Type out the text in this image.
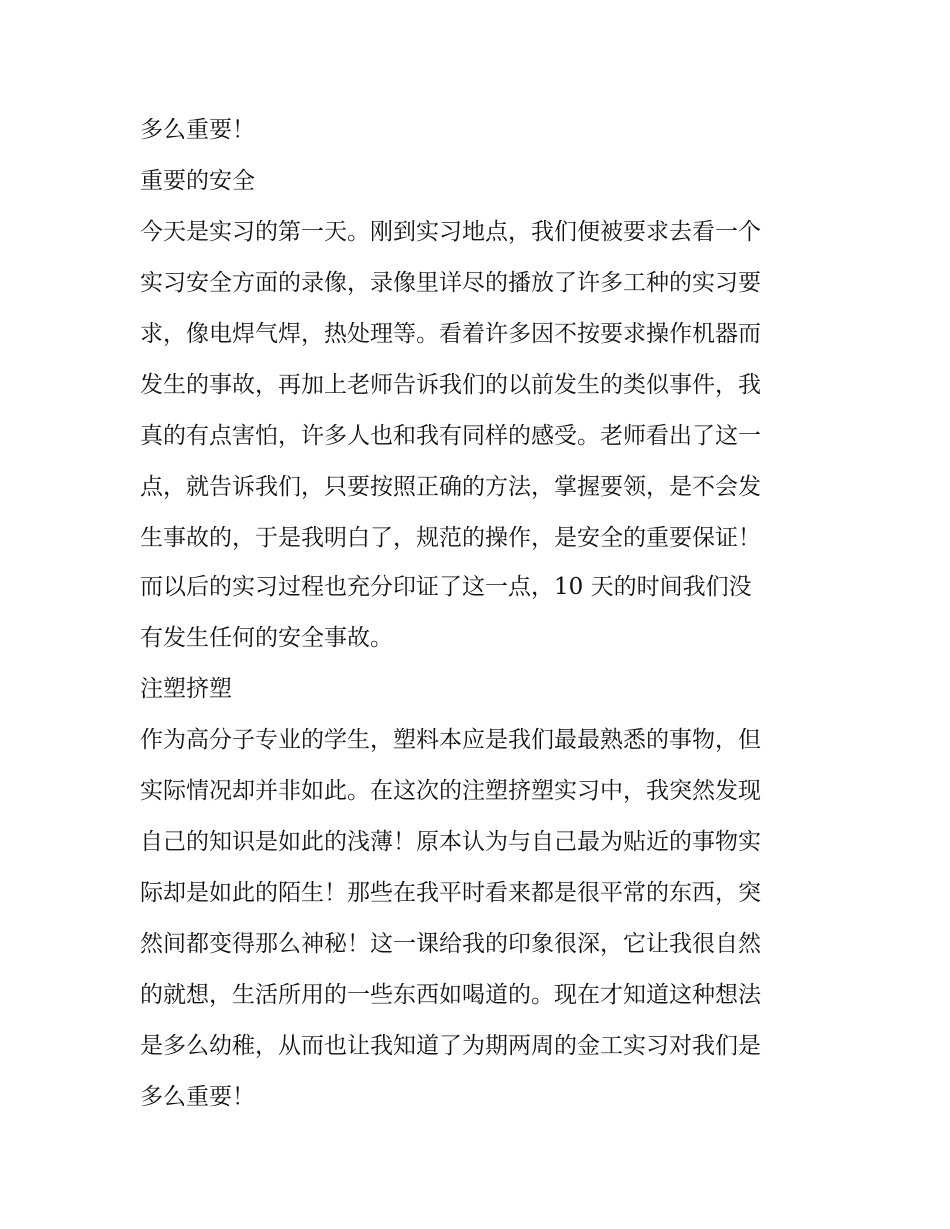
多么重要！
重要的安全
今天是实习的第一天。刚到实习地点，我们便被要求去看一个
实习安全方面的录像，录像里详尽的播放了许多工种的实习要
求，像电焊气焊，热处理等。看着许多因不按要求操作机器而
发生的事故，再加上老师告诉我们的以前发生的类似事件，我
真的有点害怕，许多人也和我有同样的感受。老师看出了这一
点，就告诉我们，只要按照正确的方法，掌握要领，是不会发
生事故的，于是我明白了，规范的操作，是安全的重要保证！
而以后的实习过程也充分印证了这一点，10 天的时间我们没
有发生任何的安全事故。
注塑挤塑
作为高分子专业的学生，塑料本应是我们最最熟悉的事物，但
实际情况却并非如此。在这次的注塑挤塑实习中，我突然发现
自己的知识是如此的浅薄！原本认为与自己最为贴近的事物实
际却是如此的陌生！那些在我平时看来都是很平常的东西，突
然间都变得那么神秘！这一课给我的印象很深，它让我很自然
的就想，生活所用的一些东西如喝道的。现在才知道这种想法
是多么幼稚，从而也让我知道了为期两周的金工实习对我们是
多么重要！
